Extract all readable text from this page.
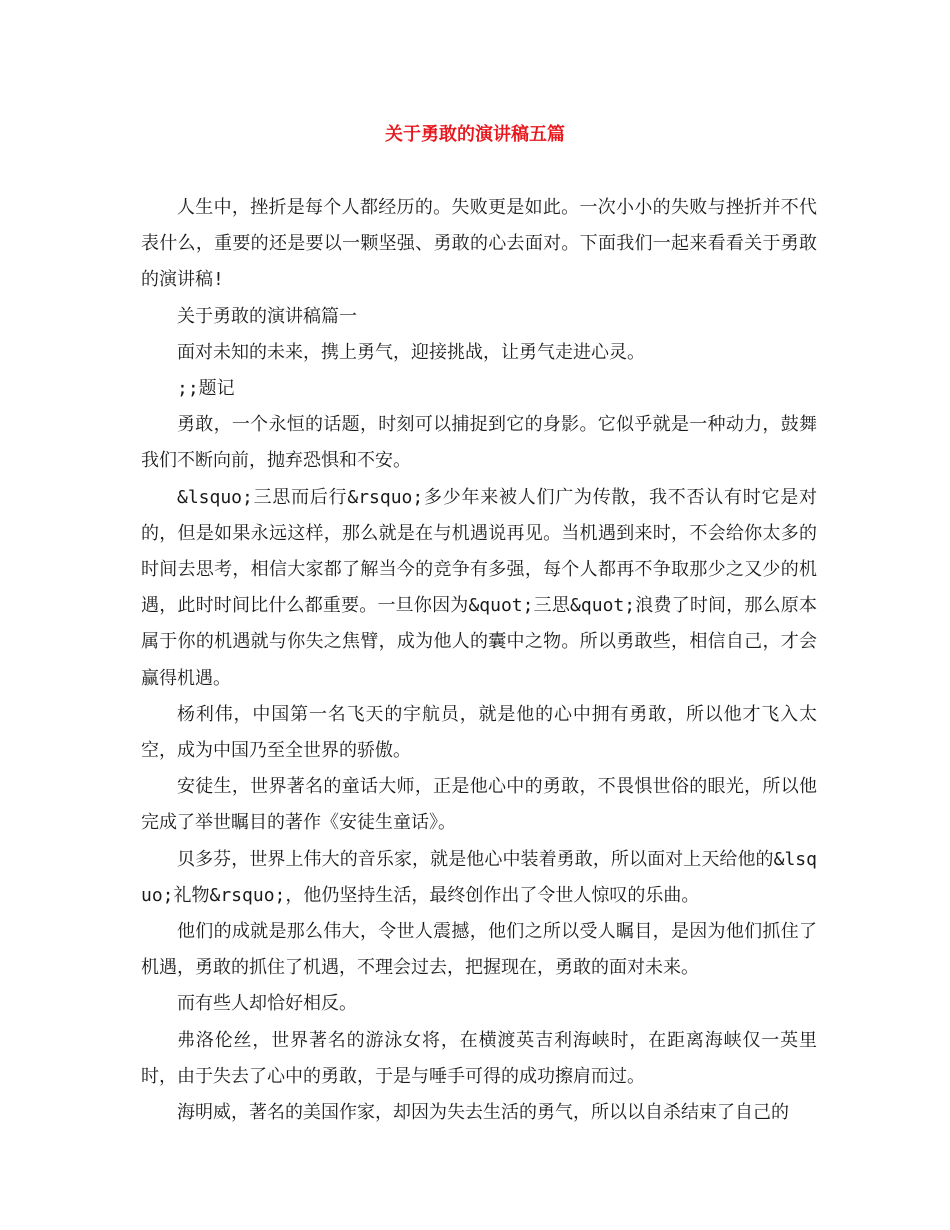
关于勇敢的演讲稿五篇

人生中，挫折是每个人都经历的。失败更是如此。一次小小的失败与挫折并不代表什么，重要的还是要以一颗坚强、勇敢的心去面对。下面我们一起来看看关于勇敢的演讲稿!

关于勇敢的演讲稿篇一

面对未知的未来，携上勇气，迎接挑战，让勇气走进心灵。

;;题记

勇敢，一个永恒的话题，时刻可以捕捉到它的身影。它似乎就是一种动力，鼓舞我们不断向前，抛弃恐惧和不安。

&lsquo;三思而后行&rsquo;多少年来被人们广为传散，我不否认有时它是对的，但是如果永远这样，那么就是在与机遇说再见。当机遇到来时，不会给你太多的时间去思考，相信大家都了解当今的竞争有多强，每个人都再不争取那少之又少的机遇，此时时间比什么都重要。一旦你因为&quot;三思&quot;浪费了时间，那么原本属于你的机遇就与你失之焦臂，成为他人的囊中之物。所以勇敢些，相信自己，才会赢得机遇。

杨利伟，中国第一名飞天的宇航员，就是他的心中拥有勇敢，所以他才飞入太空，成为中国乃至全世界的骄傲。

安徒生，世界著名的童话大师，正是他心中的勇敢，不畏惧世俗的眼光，所以他完成了举世瞩目的著作《安徒生童话》。

贝多芬，世界上伟大的音乐家，就是他心中装着勇敢，所以面对上天给他的&lsquo;礼物&rsquo;，他仍坚持生活，最终创作出了令世人惊叹的乐曲。

他们的成就是那么伟大，令世人震撼，他们之所以受人瞩目，是因为他们抓住了机遇，勇敢的抓住了机遇，不理会过去，把握现在，勇敢的面对未来。

而有些人却恰好相反。

弗洛伦丝，世界著名的游泳女将，在横渡英吉利海峡时，在距离海峡仅一英里时，由于失去了心中的勇敢，于是与唾手可得的成功擦肩而过。

海明威，著名的美国作家，却因为失去生活的勇气，所以以自杀结束了自己的
